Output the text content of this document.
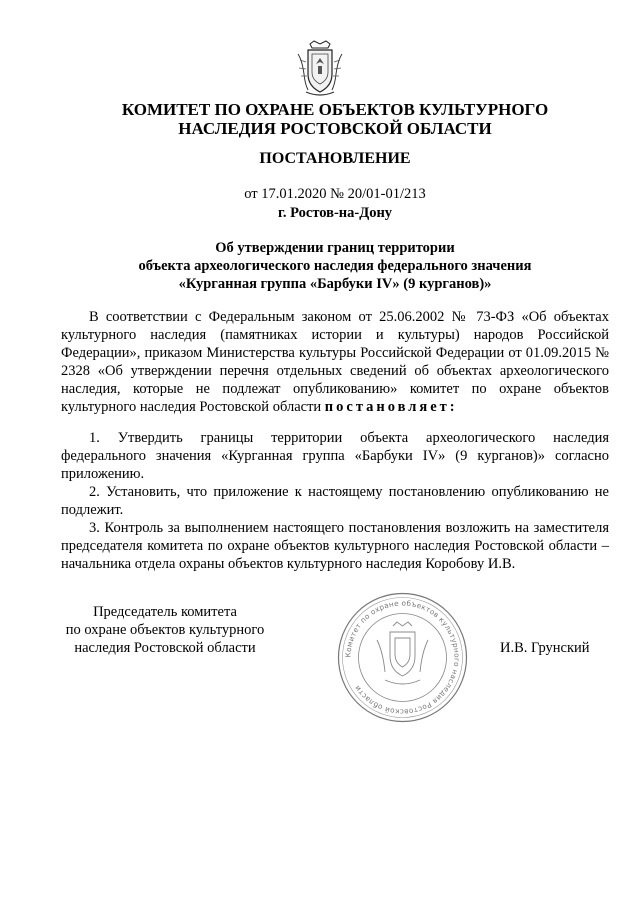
КОМИТЕТ ПО ОХРАНЕ ОБЪЕКТОВ КУЛЬТУРНОГО
НАСЛЕДИЯ РОСТОВСКОЙ ОБЛАСТИ
ПОСТАНОВЛЕНИЕ
от 17.01.2020 № 20/01-01/213
г. Ростов-на-Дону
Об утверждении границ территории
объекта археологического наследия федерального значения
«Курганная группа «Барбуки IV» (9 курганов)»
В соответствии с Федеральным законом от 25.06.2002 № 73-ФЗ «Об объектах культурного наследия (памятниках истории и культуры) народов Российской Федерации», приказом Министерства культуры Российской Федерации от 01.09.2015 № 2328 «Об утверждении перечня отдельных сведений об объектах археологического наследия, которые не подлежат опубликованию» комитет по охране объектов культурного наследия Ростовской области постановляет:

1. Утвердить границы территории объекта археологического наследия федерального значения «Курганная группа «Барбуки IV» (9 курганов)» согласно приложению.

2. Установить, что приложение к настоящему постановлению опубликованию не подлежит.

3. Контроль за выполнением настоящего постановления возложить на заместителя председателя комитета по охране объектов культурного наследия Ростовской области – начальника отдела охраны объектов культурного наследия Коробову И.В.

Председатель комитета
по охране объектов культурного
наследия Ростовской области	Комитет по охране объектов культурного наследия Ростовской области
И.В. Грунский
